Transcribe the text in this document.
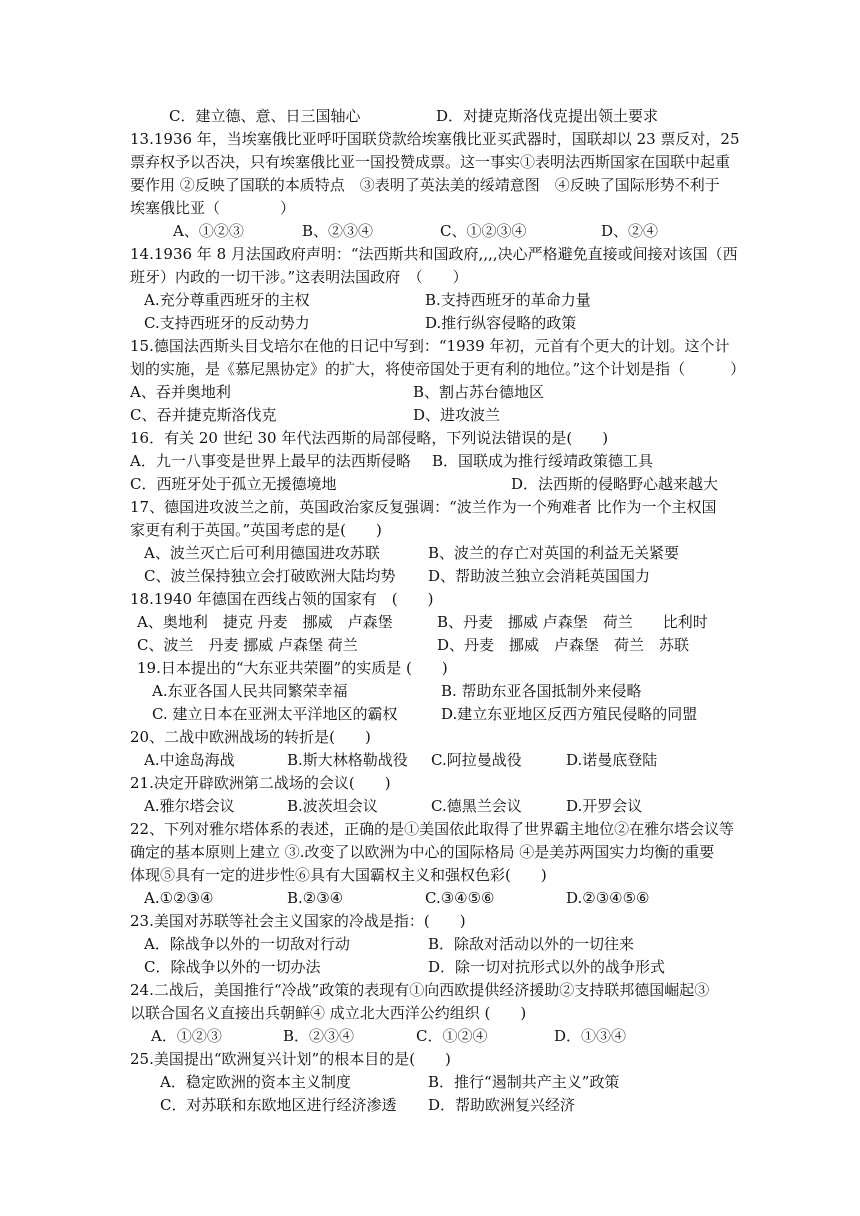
C．建立德、意、日三国轴心

	D．对捷克斯洛伐克提出领土要求

13.1936 年，当埃塞俄比亚呼吁国联贷款给埃塞俄比亚买武器时，国联却以 23 票反对，25

票弃权予以否决，只有埃塞俄比亚一国投赞成票。这一事实①表明法西斯国家在国联中起重

要作用 ②反映了国联的本质特点　③表明了英法美的绥靖意图　④反映了国际形势不利于

埃塞俄比亚（　　　　）

A、①②③

	B、②③④

	C、①②③④

	D、②④

14.1936 年 8 月法国政府声明：“法西斯共和国政府,,,,决心严格避免直接或间接对该国（西

班牙）内政的一切干涉。”这表明法国政府　（　　）

A.充分尊重西班牙的主权

	B.支持西班牙的革命力量

C.支持西班牙的反动势力

	D.推行纵容侵略的政策

15.德国法西斯头目戈培尔在他的日记中写到：“1939 年初，元首有个更大的计划。这个计

划的实施，是《慕尼黑协定》的扩大，将使帝国处于更有利的地位。”这个计划是指（　　　）

A、吞并奥地利

	B、割占苏台德地区

C、吞并捷克斯洛伐克

	D、进攻波兰

16．有关 20 世纪 30 年代法西斯的局部侵略，下列说法错误的是(　　)

A．九一八事变是世界上最早的法西斯侵略

B．国联成为推行绥靖政策德工具

C．西班牙处于孤立无援德境地

	D．法西斯的侵略野心越来越大

17、德国进攻波兰之前，英国政治家反复强调：“波兰作为一个殉难者 比作为一个主权国

家更有利于英国。”英国考虑的是(　　)

A、波兰灭亡后可利用德国进攻苏联

	B、波兰的存亡对英国的利益无关紧要

C、波兰保持独立会打破欧洲大陆均势

D、帮助波兰独立会消耗英国国力

18.1940 年德国在西线占领的国家有　(　　)

A、奥地利　捷克 丹麦　挪威　卢森堡

	B、丹麦　挪威 卢森堡　荷兰　　比利时

C、波兰　丹麦 挪威 卢森堡 荷兰

	D、丹麦　挪威　卢森堡　荷兰　苏联

19.日本提出的“大东亚共荣圈”的实质是 (　　)

A.东亚各国人民共同繁荣幸福

	B. 帮助东亚各国抵制外来侵略

C. 建立日本在亚洲太平洋地区的霸权

	D.建立东亚地区反西方殖民侵略的同盟

20、二战中欧洲战场的转折是(　　)

A.中途岛海战

	B.斯大林格勒战役

C.阿拉曼战役

	D.诺曼底登陆

21.决定开辟欧洲第二战场的会议(　　)

A.雅尔塔会议

	B.波茨坦会议

	C.德黑兰会议

	D.开罗会议

22、下列对雅尔塔体系的表述，正确的是①美国依此取得了世界霸主地位②在雅尔塔会议等

确定的基本原则上建立 ③.改变了以欧洲为中心的国际格局 ④是美苏两国实力均衡的重要

体现⑤具有一定的进步性⑥具有大国霸权主义和强权色彩(　　)

A.①②③④

	B.②③④

	C.③④⑤⑥

	D.②③④⑤⑥

23.美国对苏联等社会主义国家的冷战是指：(　　)

A．除战争以外的一切敌对行动

	B．除敌对活动以外的一切往来

C．除战争以外的一切办法

	D．除一切对抗形式以外的战争形式

24.二战后，美国推行“冷战”政策的表现有①向西欧提供经济援助②支持联邦德国崛起③

以联合国名义直接出兵朝鲜④ 成立北大西洋公约组织 (　　)

A．①②③

	B．②③④

	C．①②④

	D．①③④

25.美国提出“欧洲复兴计划”的根本目的是(　　)

A．稳定欧洲的资本主义制度

	B．推行“遏制共产主义”政策

C．对苏联和东欧地区进行经济渗透

D．帮助欧洲复兴经济
